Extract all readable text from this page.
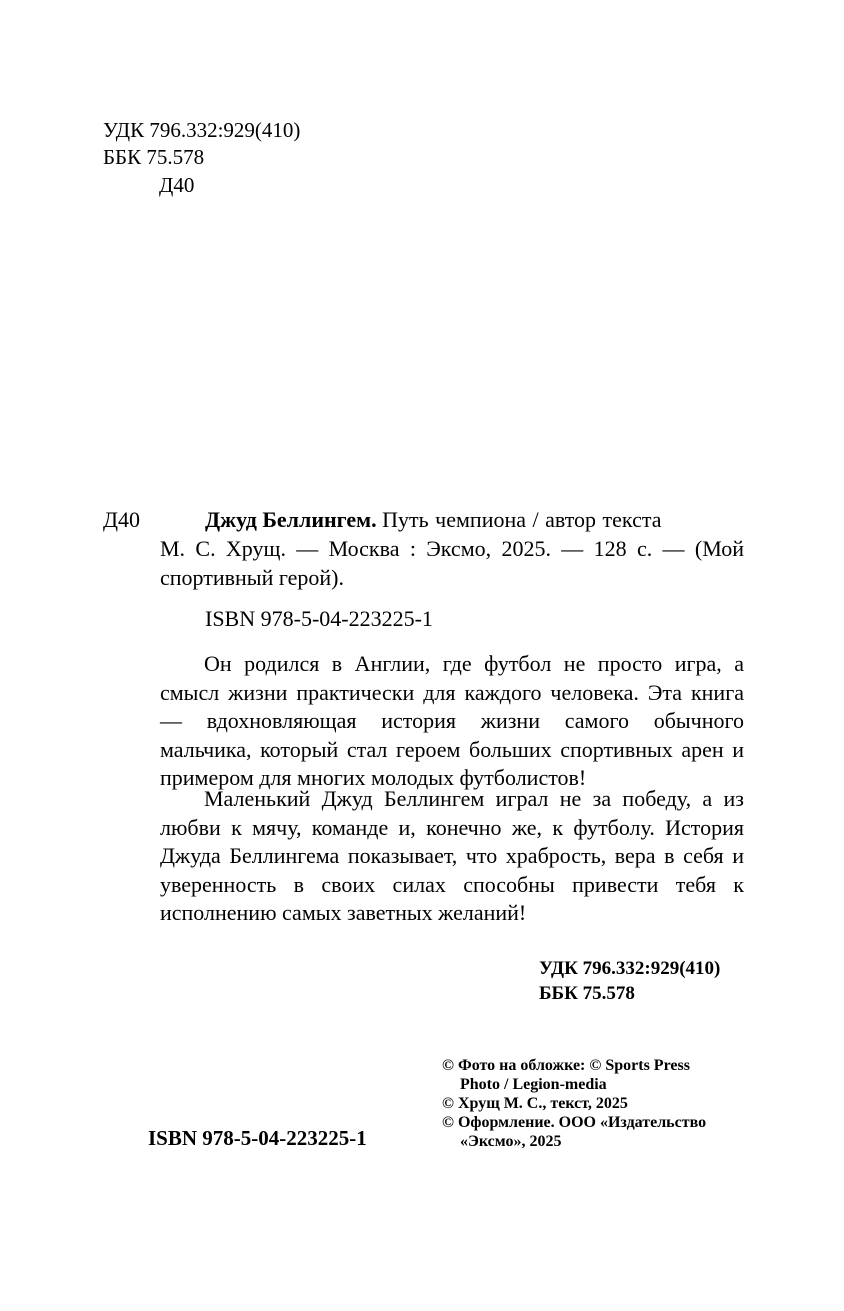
УДК 796.332:929(410)
ББК 75.578
Д40
Д40	Джуд Беллингем. Путь чемпиона / автор текста
М. С. Хрущ. — Москва : Эксмо, 2025. — 128 с. — (Мой
спортивный герой).
ISBN 978-5-04-223225-1
Он родился в Англии, где футбол не просто игра, а смысл жизни практически для каждого человека. Эта книга — вдохновляющая история жизни самого обычного мальчика, который стал героем больших спортивных арен и примером для многих молодых футболистов!
Маленький Джуд Беллингем играл не за победу, а из любви к мячу, команде и, конечно же, к футболу. История Джуда Беллингема показывает, что храбрость, вера в себя и уверенность в своих силах способны привести тебя к исполнению самых заветных желаний!
УДК 796.332:929(410)
ББК 75.578
ISBN 978-5-04-223225-1
© Фото на обложке: © Sports Press
Photo / Legion-media
© Хрущ М. С., текст, 2025
© Оформление. ООО «Издательство
«Эксмо», 2025
